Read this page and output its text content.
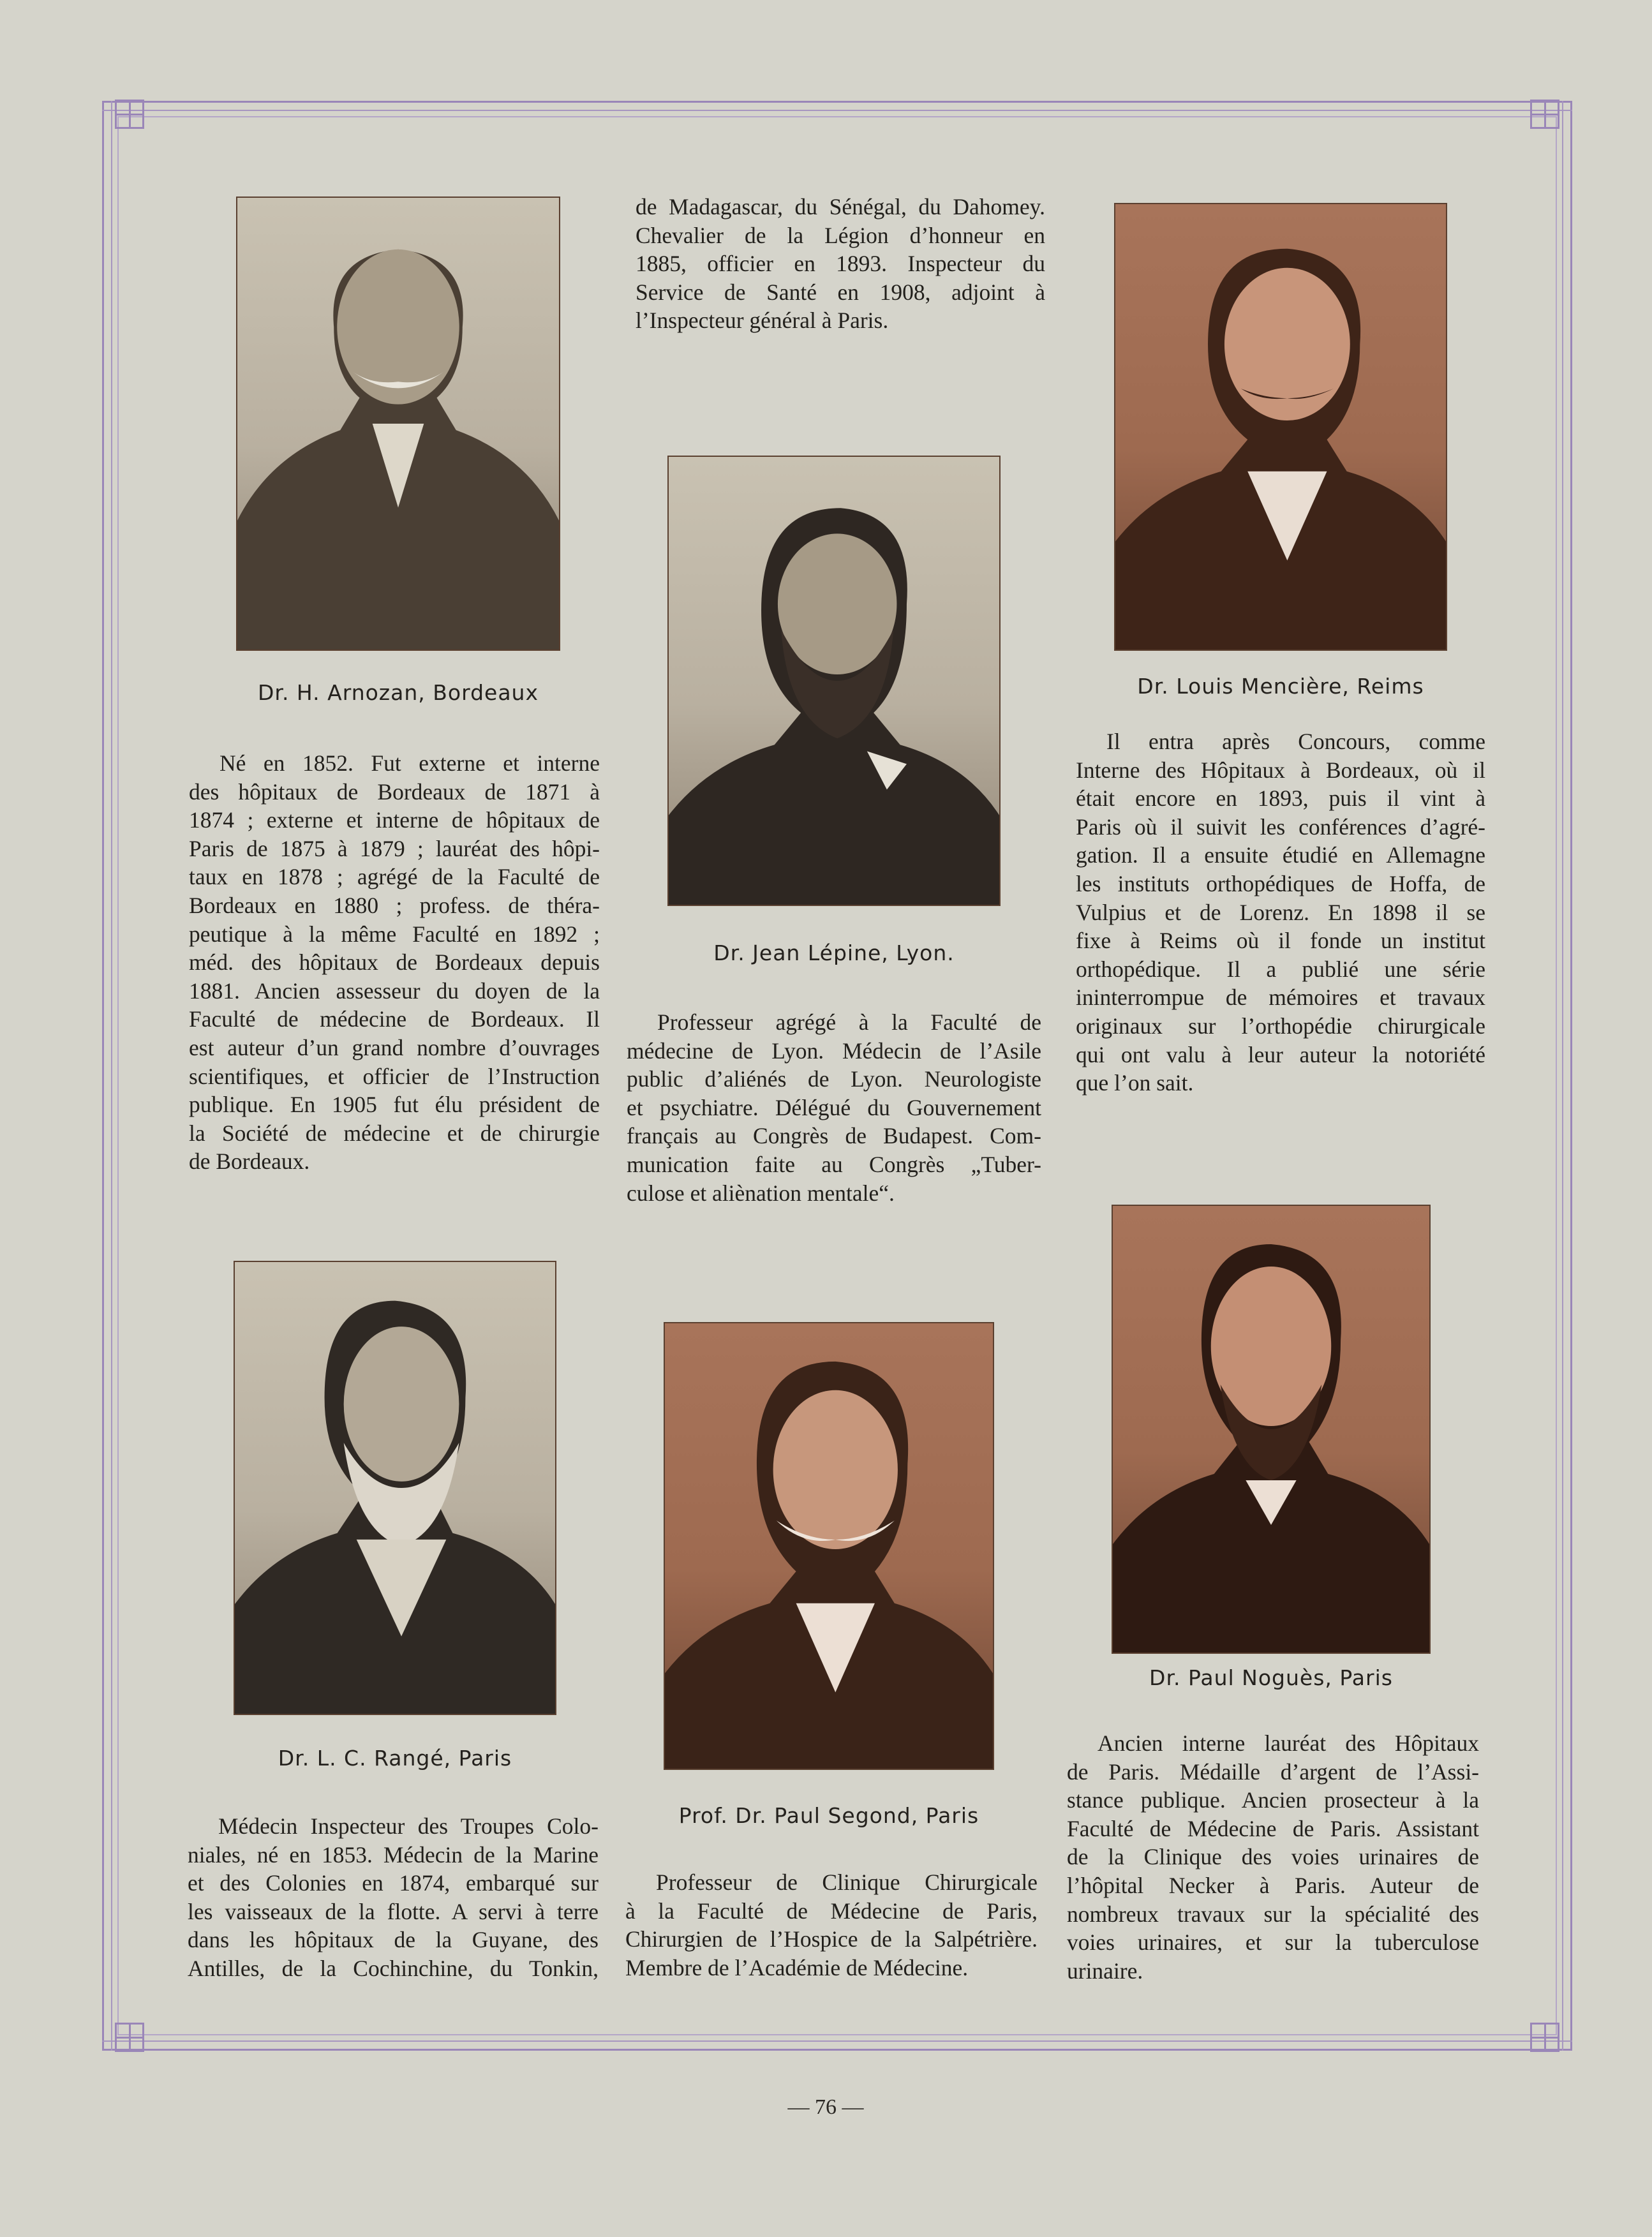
Dr. H. Arnozan, Bordeaux
Né en 1852. Fut externe et interne
des hôpitaux de Bordeaux de 1871 à
1874 ; externe et interne de hôpitaux de
Paris de 1875 à 1879 ; lauréat des hôpi-
taux en 1878 ; agrégé de la Faculté de
Bordeaux en 1880 ; profess. de théra-
peutique à la même Faculté en 1892 ;
méd. des hôpitaux de Bordeaux depuis
1881. Ancien assesseur du doyen de la
Faculté de médecine de Bordeaux. Il
est auteur d’un grand nombre d’ouvrages
scientifiques, et officier de l’Instruction
publique. En 1905 fut élu président de
la Société de médecine et de chirurgie
de Bordeaux.
de Madagascar, du Sénégal, du Dahomey.
Chevalier de la Légion d’honneur en
1885, officier en 1893. Inspecteur du
Service de Santé en 1908, adjoint à
l’Inspecteur général à Paris.
Dr. Jean Lépine, Lyon.
Professeur agrégé à la Faculté de
médecine de Lyon. Médecin de l’Asile
public d’aliénés de Lyon. Neurologiste
et psychiatre. Délégué du Gouvernement
français au Congrès de Budapest. Com-
munication faite au Congrès „Tuber-
culose et aliènation mentale“.
Dr. Louis Mencière, Reims
Il entra après Concours, comme
Interne des Hôpitaux à Bordeaux, où il
était encore en 1893, puis il vint à
Paris où il suivit les conférences d’agré-
gation. Il a ensuite étudié en Allemagne
les instituts orthopédiques de Hoffa, de
Vulpius et de Lorenz. En 1898 il se
fixe à Reims où il fonde un institut
orthopédique. Il a publié une série
ininterrompue de mémoires et travaux
originaux sur l’orthopédie chirurgicale
qui ont valu à leur auteur la notoriété
que l’on sait.
Dr. L. C. Rangé, Paris
Médecin Inspecteur des Troupes Colo-
niales, né en 1853. Médecin de la Marine
et des Colonies en 1874, embarqué sur
les vaisseaux de la flotte. A servi à terre
dans les hôpitaux de la Guyane, des
Antilles, de la Cochinchine, du Tonkin,
Prof. Dr. Paul Segond, Paris
Professeur de Clinique Chirurgicale
à la Faculté de Médecine de Paris,
Chirurgien de l’Hospice de la Salpétrière.
Membre de l’Académie de Médecine.
Dr. Paul Noguès, Paris
Ancien interne lauréat des Hôpitaux
de Paris. Médaille d’argent de l’Assi-
stance publique. Ancien prosecteur à la
Faculté de Médecine de Paris. Assistant
de la Clinique des voies urinaires de
l’hôpital Necker à Paris. Auteur de
nombreux travaux sur la spécialité des
voies urinaires, et sur la tuberculose
urinaire.
— 76 —
